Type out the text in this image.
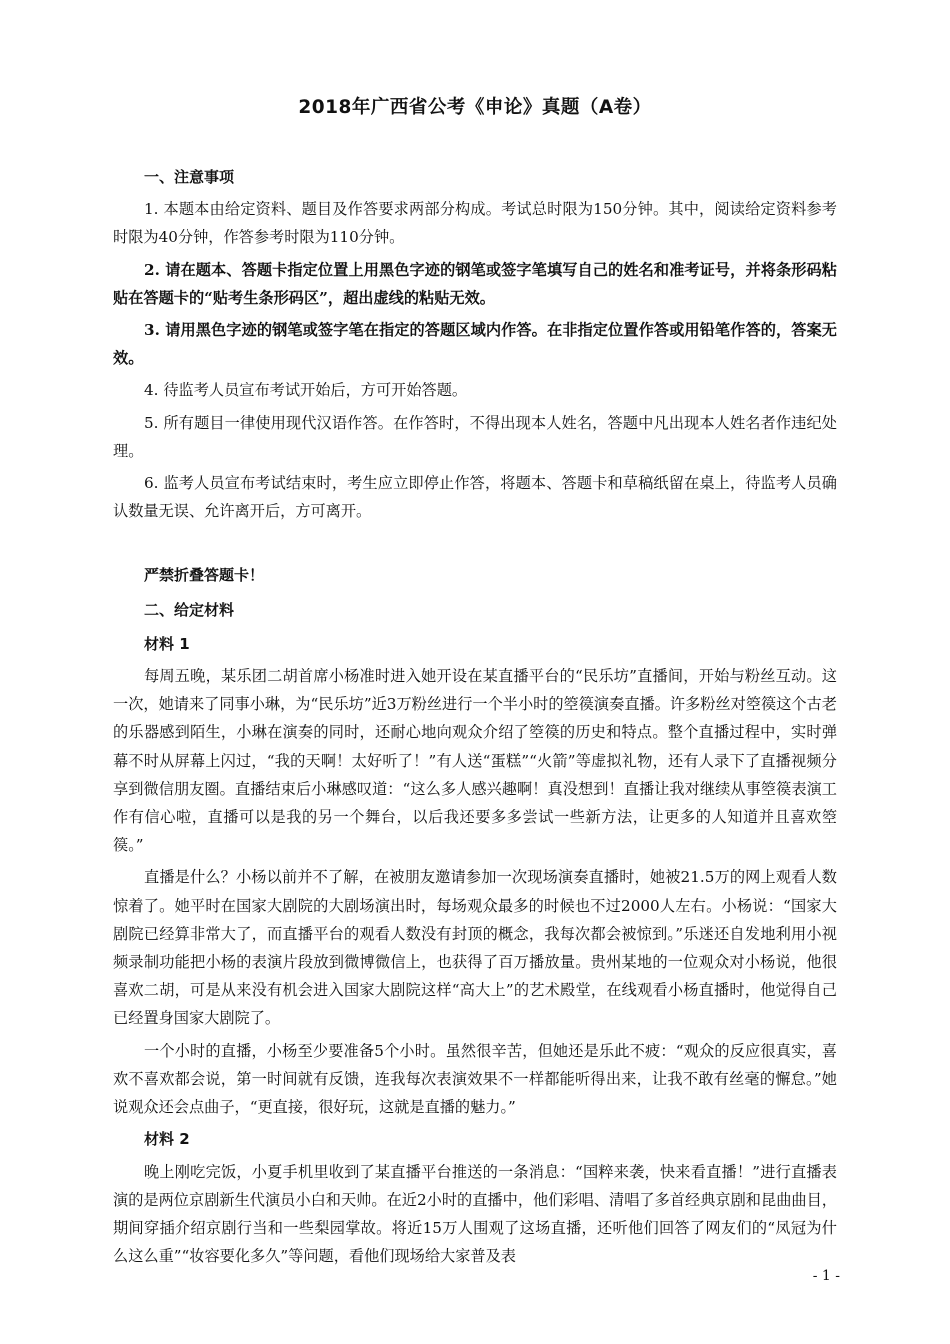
2018年广西省公考《申论》真题（A卷）
一、注意事项
1. 本题本由给定资料、题目及作答要求两部分构成。考试总时限为150分钟。其中，阅读给定资料参考时限为40分钟，作答参考时限为110分钟。
2. 请在题本、答题卡指定位置上用黑色字迹的钢笔或签字笔填写自己的姓名和准考证号，并将条形码粘贴在答题卡的“贴考生条形码区”，超出虚线的粘贴无效。
3. 请用黑色字迹的钢笔或签字笔在指定的答题区域内作答。在非指定位置作答或用铅笔作答的，答案无效。
4. 待监考人员宣布考试开始后，方可开始答题。
5. 所有题目一律使用现代汉语作答。在作答时，不得出现本人姓名，答题中凡出现本人姓名者作违纪处理。
6. 监考人员宣布考试结束时，考生应立即停止作答，将题本、答题卡和草稿纸留在桌上，待监考人员确认数量无误、允许离开后，方可离开。
严禁折叠答题卡！
二、给定材料
材料 1
每周五晚，某乐团二胡首席小杨准时进入她开设在某直播平台的“民乐坊”直播间，开始与粉丝互动。这一次，她请来了同事小琳，为“民乐坊”近3万粉丝进行一个半小时的箜篌演奏直播。许多粉丝对箜篌这个古老的乐器感到陌生，小琳在演奏的同时，还耐心地向观众介绍了箜篌的历史和特点。整个直播过程中，实时弹幕不时从屏幕上闪过，“我的天啊！太好听了！”有人送“蛋糕”“火箭”等虚拟礼物，还有人录下了直播视频分享到微信朋友圈。直播结束后小琳感叹道：“这么多人感兴趣啊！真没想到！直播让我对继续从事箜篌表演工作有信心啦，直播可以是我的另一个舞台，以后我还要多多尝试一些新方法，让更多的人知道并且喜欢箜篌。”
直播是什么？小杨以前并不了解，在被朋友邀请参加一次现场演奏直播时，她被21.5万的网上观看人数惊着了。她平时在国家大剧院的大剧场演出时，每场观众最多的时候也不过2000人左右。小杨说：“国家大剧院已经算非常大了，而直播平台的观看人数没有封顶的概念，我每次都会被惊到。”乐迷还自发地利用小视频录制功能把小杨的表演片段放到微博微信上，也获得了百万播放量。贵州某地的一位观众对小杨说，他很喜欢二胡，可是从来没有机会进入国家大剧院这样“高大上”的艺术殿堂，在线观看小杨直播时，他觉得自己已经置身国家大剧院了。
一个小时的直播，小杨至少要准备5个小时。虽然很辛苦，但她还是乐此不疲：“观众的反应很真实，喜欢不喜欢都会说，第一时间就有反馈，连我每次表演效果不一样都能听得出来，让我不敢有丝毫的懈怠。”她说观众还会点曲子，“更直接，很好玩，这就是直播的魅力。”
材料 2
晚上刚吃完饭，小夏手机里收到了某直播平台推送的一条消息：“国粹来袭，快来看直播！”进行直播表演的是两位京剧新生代演员小白和天帅。在近2小时的直播中，他们彩唱、清唱了多首经典京剧和昆曲曲目，期间穿插介绍京剧行当和一些梨园掌故。将近15万人围观了这场直播，还听他们回答了网友们的“凤冠为什么这么重”“妆容要化多久”等问题，看他们现场给大家普及表
- 1 -
